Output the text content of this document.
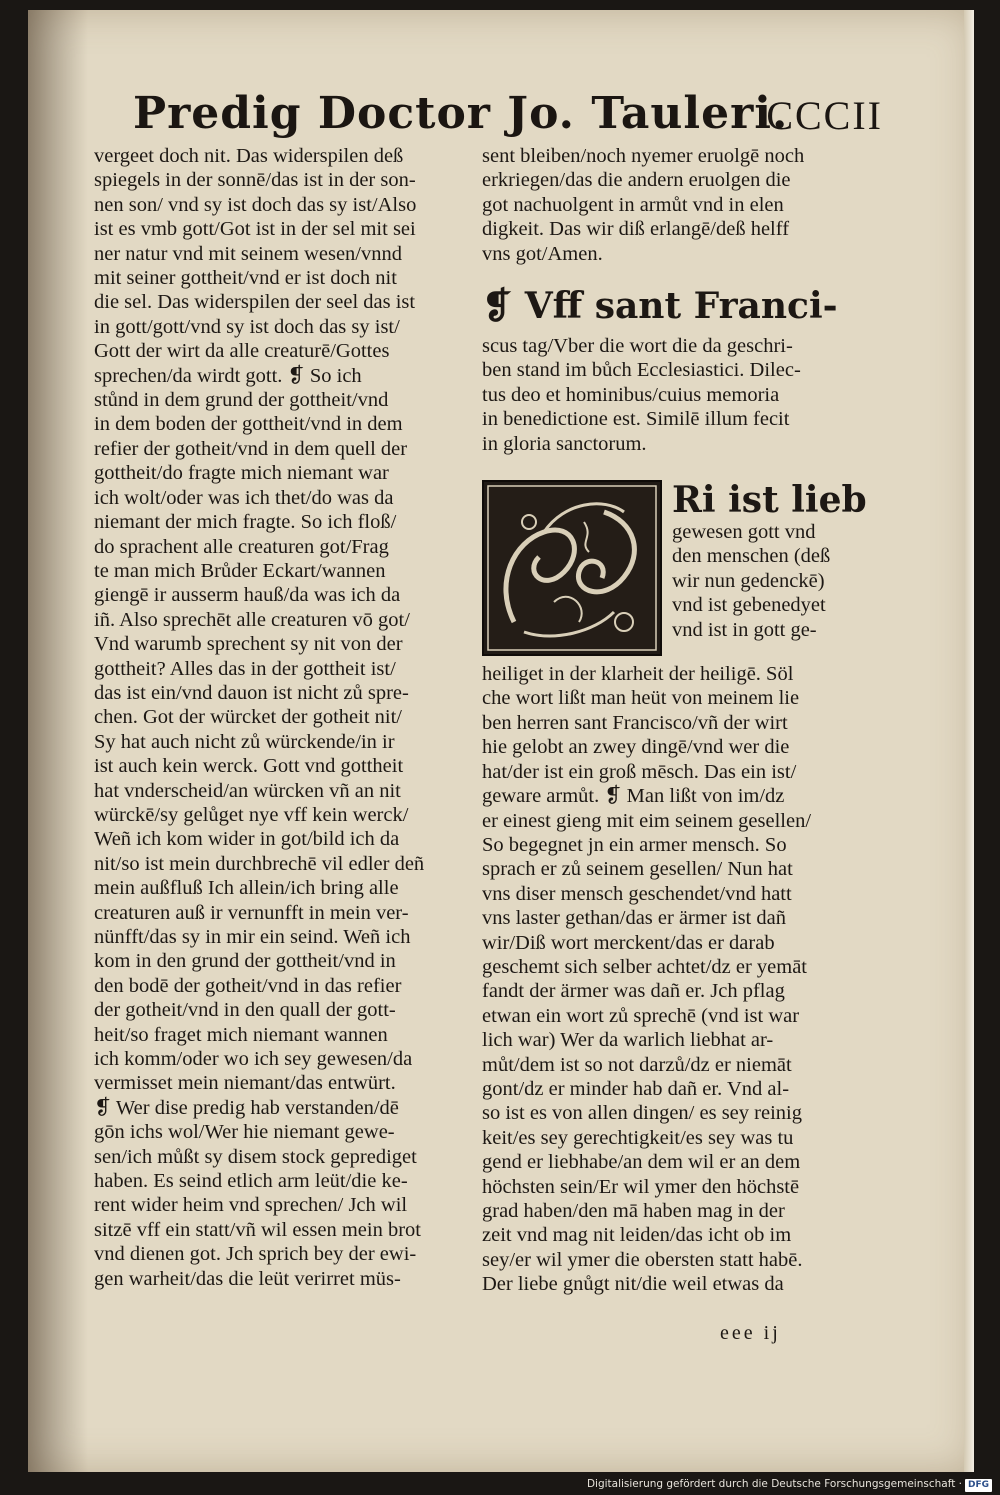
Predig Doctor Jo. Tauleri.
CCCII
vergeet doch nit. Das widerspilen deß
spiegels in der sonnē/das ist in der son-
nen son/ vnd sy ist doch das sy ist/Also
ist es vmb gott/Got ist in der sel mit sei
ner natur vnd mit seinem wesen/vnnd
mit seiner gottheit/vnd er ist doch nit
die sel. Das widerspilen der seel das ist
in gott/gott/vnd sy ist doch das sy ist/
Gott der wirt da alle creaturē/Gottes
sprechen/da wirdt gott. ❡ So ich
stůnd in dem grund der gottheit/vnd
in dem boden der gottheit/vnd in dem
refier der gotheit/vnd in dem quell der
gottheit/do fragte mich niemant war
ich wolt/oder was ich thet/do was da
niemant der mich fragte. So ich floß/
do sprachent alle creaturen got/Frag
te man mich Brůder Eckart/wannen
giengē ir ausserm hauß/da was ich da
iñ. Also sprechēt alle creaturen vō got/
Vnd warumb sprechent sy nit von der
gottheit? Alles das in der gottheit ist/
das ist ein/vnd dauon ist nicht zů spre-
chen. Got der würcket der gotheit nit/
Sy hat auch nicht zů würckende/in ir
ist auch kein werck. Gott vnd gottheit
hat vnderscheid/an würcken vñ an nit
würckē/sy gelůget nye vff kein werck/
Weñ ich kom wider in got/bild ich da
nit/so ist mein durchbrechē vil edler deñ
mein außfluß Ich allein/ich bring alle
creaturen auß ir vernunfft in mein ver-
nünfft/das sy in mir ein seind. Weñ ich
kom in den grund der gottheit/vnd in
den bodē der gotheit/vnd in das refier
der gotheit/vnd in den quall der gott-
heit/so fraget mich niemant wannen
ich komm/oder wo ich sey gewesen/da
vermisset mein niemant/das entwürt.
❡ Wer dise predig hab verstanden/dē
gōn ichs wol/Wer hie niemant gewe-
sen/ich můßt sy disem stock geprediget
haben. Es seind etlich arm leüt/die ke-
rent wider heim vnd sprechen/ Jch wil
sitzē vff ein statt/vñ wil essen mein brot
vnd dienen got. Jch sprich bey der ewi-
gen warheit/das die leüt verirret müs-
sent bleiben/noch nyemer eruolgē noch
erkriegen/das die andern eruolgen die
got nachuolgent in armůt vnd in elen
digkeit. Das wir diß erlangē/deß helff
vns got/Amen.
❡ Vff sant Franci-
scus tag/Vber die wort die da geschri-
ben stand im bůch Ecclesiastici. Dilec-
tus deo et hominibus/cuius memoria
in benedictione est. Similē illum fecit
in gloria sanctorum.
Ri ist lieb
gewesen gott vnd
den menschen (deß
wir nun gedenckē)
vnd ist gebenedyet
vnd ist in gott ge-
heiliget in der klarheit der heiligē. Söl
che wort lißt man heüt von meinem lie
ben herren sant Francisco/vñ der wirt
hie gelobt an zwey dingē/vnd wer die
hat/der ist ein groß mēsch. Das ein ist/
geware armůt. ❡ Man lißt von im/dz
er einest gieng mit eim seinem gesellen/
So begegnet jn ein armer mensch. So
sprach er zů seinem gesellen/ Nun hat
vns diser mensch geschendet/vnd hatt
vns laster gethan/das er ärmer ist dañ
wir/Diß wort merckent/das er darab
geschemt sich selber achtet/dz er yemāt
fandt der ärmer was dañ er. Jch pflag
etwan ein wort zů sprechē (vnd ist war
lich war) Wer da warlich liebhat ar-
můt/dem ist so not darzů/dz er niemāt
gont/dz er minder hab dañ er. Vnd al-
so ist es von allen dingen/ es sey reinig
keit/es sey gerechtigkeit/es sey was tu
gend er liebhabe/an dem wil er an dem
höchsten sein/Er wil ymer den höchstē
grad haben/den mā haben mag in der
zeit vnd mag nit leiden/das icht ob im
sey/er wil ymer die obersten statt habē.
Der liebe gnůgt nit/die weil etwas da
eee ij
Digitalisierung gefördert durch die Deutsche Forschungsgemeinschaft · DFG
